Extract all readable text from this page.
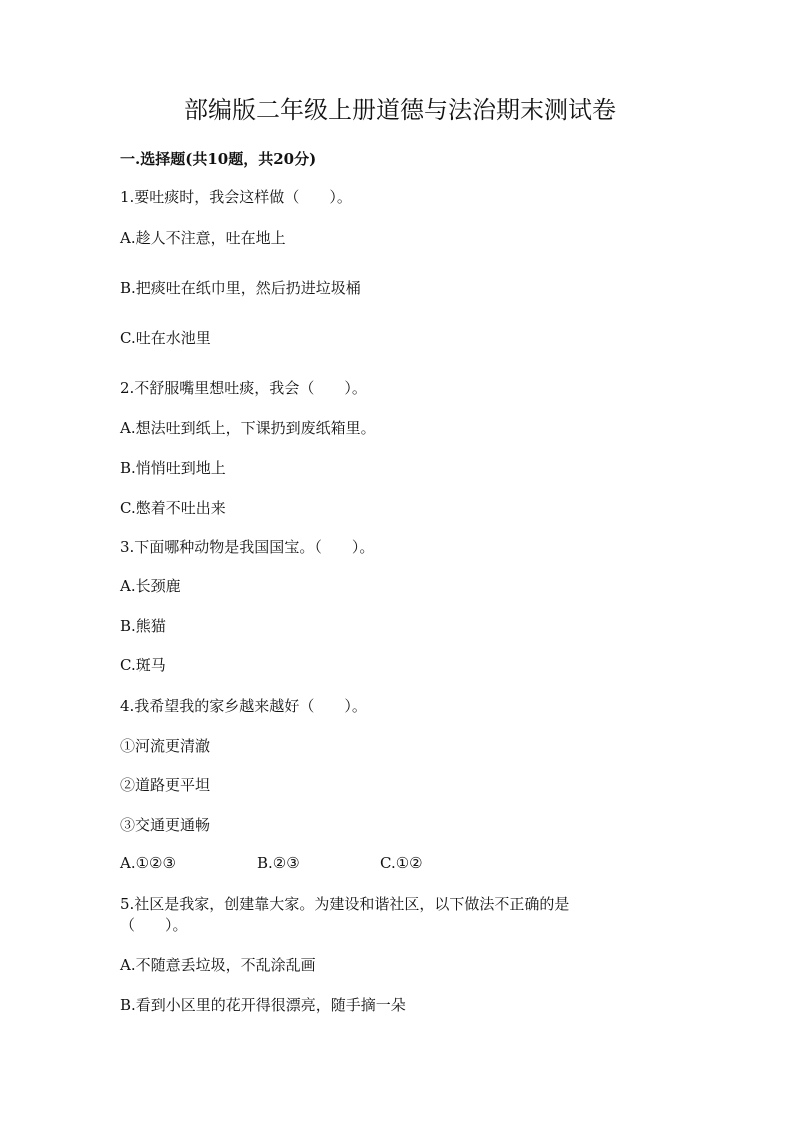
部编版二年级上册道德与法治期末测试卷
一.选择题(共10题，共20分)
1.要吐痰时，我会这样做（　　）。
A.趁人不注意，吐在地上
B.把痰吐在纸巾里，然后扔进垃圾桶
C.吐在水池里
2.不舒服嘴里想吐痰，我会（　　）。
A.想法吐到纸上，下课扔到废纸箱里。
B.悄悄吐到地上
C.憋着不吐出来
3.下面哪种动物是我国国宝。（　　）。
A.长颈鹿
B.熊猫
C.斑马
4.我希望我的家乡越来越好（　　）。
①河流更清澈
②道路更平坦
③交通更通畅
A.①②③	B.②③	C.①②
5.社区是我家，创建靠大家。为建设和谐社区，以下做法不正确的是
（　　）。
A.不随意丢垃圾，不乱涂乱画
B.看到小区里的花开得很漂亮，随手摘一朵
